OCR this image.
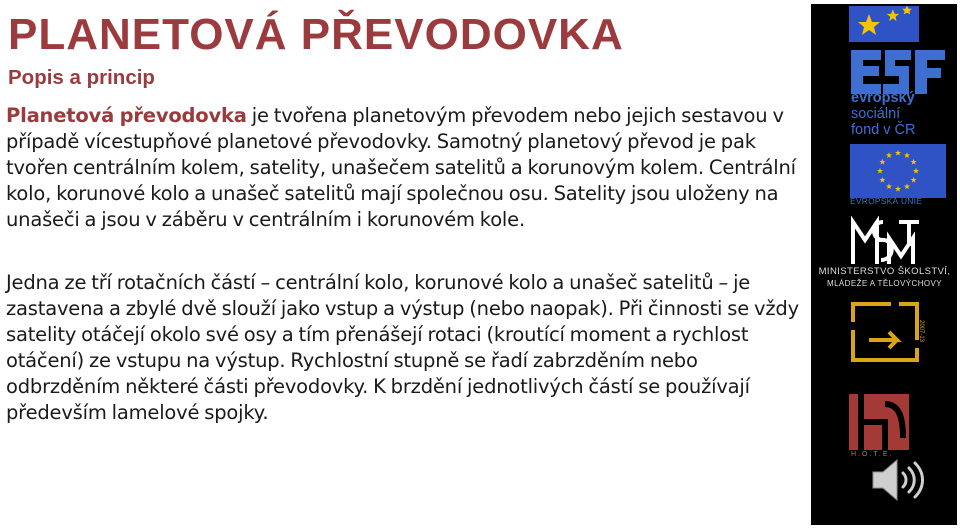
PLANETOVÁ PŘEVODOVKA
Popis a princip

Planetová převodovka je tvořena planetovým převodem nebo jejich sestavou v případě vícestupňové planetové převodovky. Samotný planetový převod je pak tvořen centrálním kolem, satelity, unašečem satelitů a korunovým kolem. Centrální kolo, korunové kolo a unašeč satelitů mají společnou osu. Satelity jsou uloženy na unašeči a jsou v záběru v centrálním i korunovém kole.

Jedna ze tří rotačních částí – centrální kolo, korunové kolo a unašeč satelitů – je zastavena a zbylé dvě slouží jako vstup a výstup (nebo naopak). Při činnosti se vždy satelity otáčejí okolo své osy a tím přenášejí rotaci (kroutící moment a rychlost otáčení) ze vstupu na výstup. Rychlostní stupně se řadí zabrzděním nebo odbrzděním některé části převodovky. K brzdění jednotlivých částí se používají především lamelové spojky.

evropský
sociální
fond v ČR

EVROPSKÁ UNIE

MINISTERSTVO ŠKOLSTVÍ,
MLÁDEŽE A TĚLOVÝCHOVY

2007-13

H.O.T.E.
